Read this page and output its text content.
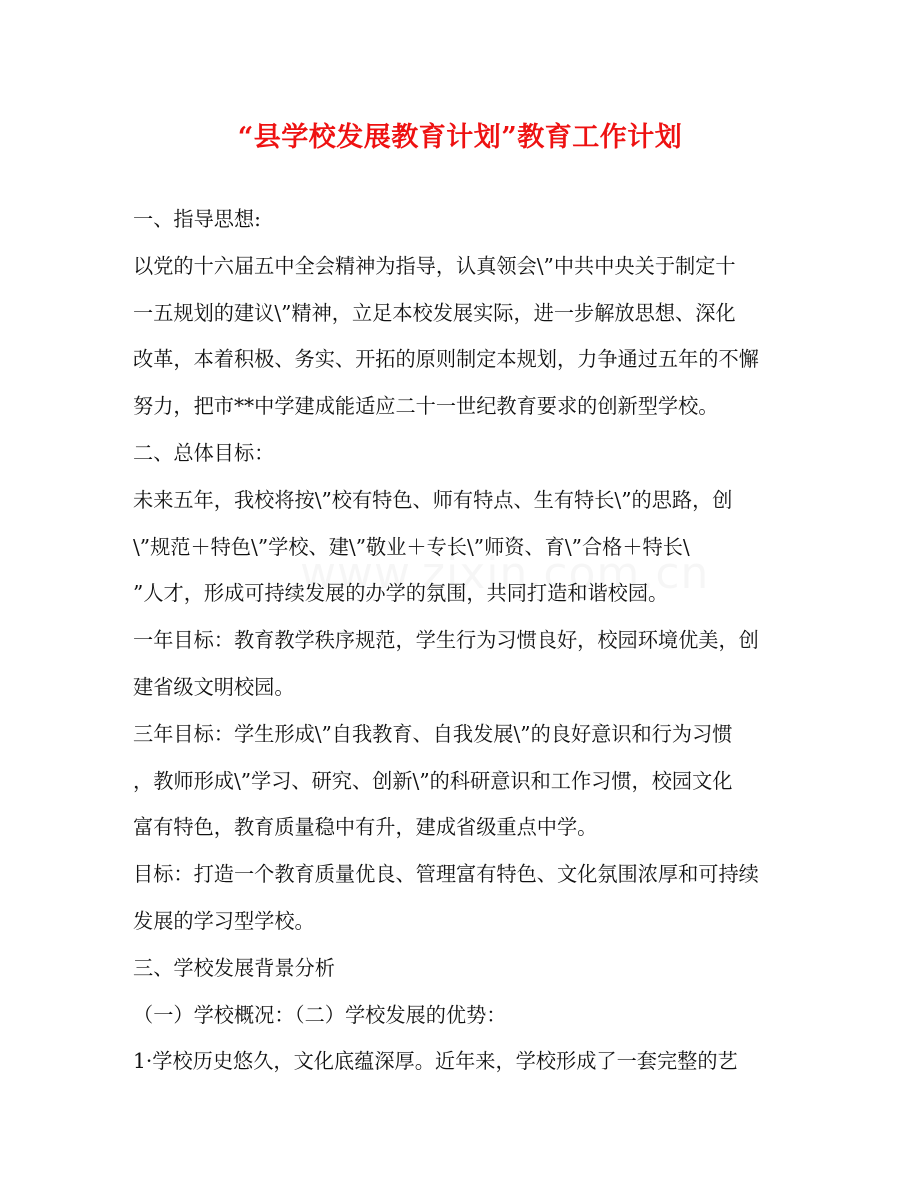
“县学校发展教育计划”教育工作计划
一、指导思想:
以党的十六届五中全会精神为指导，认真领会\”中共中央关于制定十
一五规划的建议\”精神，立足本校发展实际，进一步解放思想、深化
改革，本着积极、务实、开拓的原则制定本规划，力争通过五年的不懈
努力，把市**中学建成能适应二十一世纪教育要求的创新型学校。
二、总体目标：
未来五年，我校将按\”校有特色、师有特点、生有特长\”的思路，创
\”规范＋特色\”学校、建\”敬业＋专长\”师资、育\”合格＋特长\
”人才，形成可持续发展的办学的氛围，共同打造和谐校园。
一年目标：教育教学秩序规范，学生行为习惯良好，校园环境优美，创
建省级文明校园。
三年目标：学生形成\”自我教育、自我发展\”的良好意识和行为习惯
，教师形成\”学习、研究、创新\”的科研意识和工作习惯，校园文化
富有特色，教育质量稳中有升，建成省级重点中学。
目标：打造一个教育质量优良、管理富有特色、文化氛围浓厚和可持续
发展的学习型学校。
三、学校发展背景分析
（一）学校概况：（二）学校发展的优势：
1·学校历史悠久，文化底蕴深厚。近年来，学校形成了一套完整的艺
